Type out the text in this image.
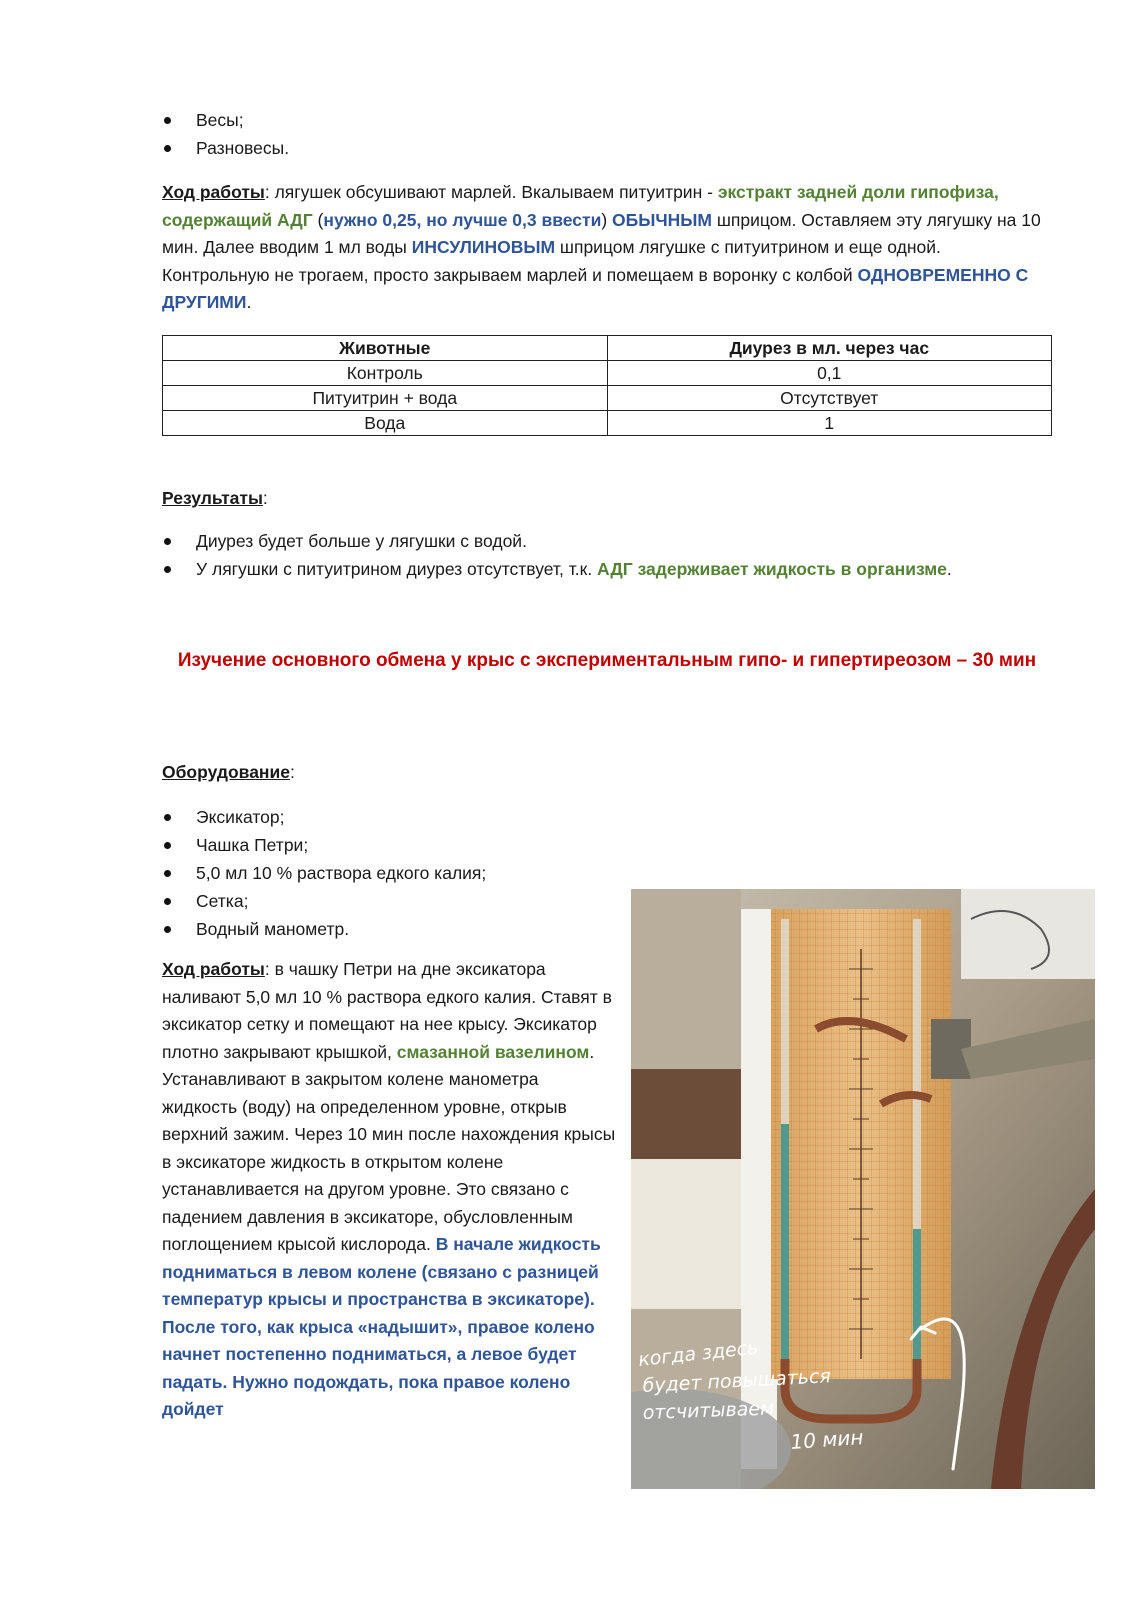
Весы;
Разновесы.

Ход работы: лягушек обсушивают марлей. Вкалываем питуитрин - экстракт задней доли гипофиза, содержащий АДГ (нужно 0,25, но лучше 0,3 ввести) ОБЫЧНЫМ шприцом. Оставляем эту лягушку на 10 мин. Далее вводим 1 мл воды ИНСУЛИНОВЫМ шприцом лягушке с питуитрином и еще одной. Контрольную не трогаем, просто закрываем марлей и помещаем в воронку с колбой ОДНОВРЕМЕННО С ДРУГИМИ.

Животные	Диурез в мл. через час
Контроль	0,1
Питуитрин + вода	Отсутствует
Вода	1

Результаты:

Диурез будет больше у лягушки с водой.
У лягушки с питуитрином диурез отсутствует, т.к. АДГ задерживает жидкость в организме.

Изучение основного обмена у крыс с экспериментальным гипо- и гипертиреозом – 30 мин

Оборудование:

Эксикатор;
Чашка Петри;
5,0 мл 10 % раствора едкого калия;
Сетка;
Водный манометр.

Ход работы: в чашку Петри на дне эксикатора наливают 5,0 мл 10 % раствора едкого калия. Ставят в эксикатор сетку и помещают на нее крысу. Эксикатор плотно закрывают крышкой, смазанной вазелином. Устанавливают в закрытом колене манометра жидкость (воду) на определенном уровне, открыв верхний зажим. Через 10 мин после нахождения крысы в эксикаторе жидкость в открытом колене устанавливается на другом уровне. Это связано с падением давления в эксикаторе, обусловленным поглощением крысой кислорода. В начале жидкость подниматься в левом колене (связано с разницей температур крысы и пространства в эксикаторе). После того, как крыса «надышит», правое колено начнет постепенно подниматься, а левое будет падать. Нужно подождать, пока правое колено дойдет

когда здесь
будет повышаться
отсчитываем
10 мин
